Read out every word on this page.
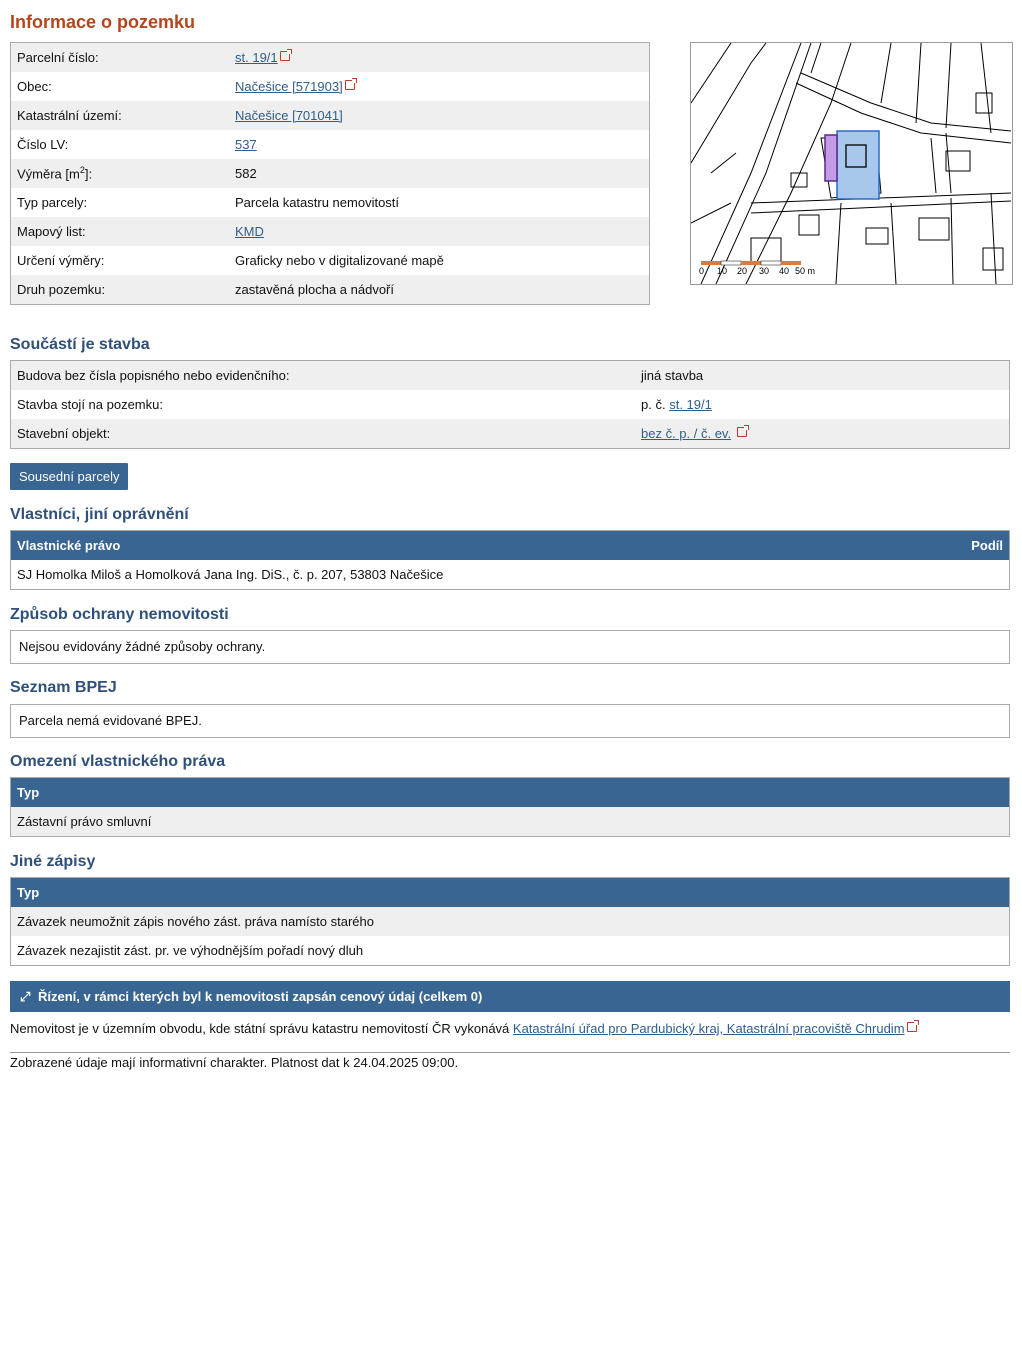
Informace o pozemku
Parcelní číslo:	st. 19/1
Obec:	Načešice [571903]
Katastrální území:	Načešice [701041]
Číslo LV:	537
Výměra $[m^2]$:	582
Typ parcely:	Parcela katastru nemovitostí
Mapový list:	KMD
Určení výměry:	Graficky nebo v digitalizované mapě
Druh pozemku:	zastavěná plocha a nádvoří
0 10 20 30 40 50 m
Součástí je stavba
Budova bez čísla popisného nebo evidenčního:	jiná stavba
Stavba stojí na pozemku:	p. č. st. 19/1
Stavební objekt:	bez č. p. / č. ev.
Sousední parcely
Vlastníci, jiní oprávnění
Vlastnické právo	Podíl
SJ Homolka Miloš a Homolková Jana Ing. DiS., č. p. 207, 53803 Načešice
Způsob ochrany nemovitosti
Nejsou evidovány žádné způsoby ochrany.
Seznam BPEJ
Parcela nemá evidované BPEJ.
Omezení vlastnického práva
Typ
Zástavní právo smluvní
Jiné zápisy
Typ
Závazek neumožnit zápis nového zást. práva namísto starého
Závazek nezajistit zást. pr. ve výhodnějším pořadí nový dluh
⤢ Řízení, v rámci kterých byl k nemovitosti zapsán cenový údaj (celkem 0)
Nemovitost je v územním obvodu, kde státní správu katastru nemovitostí ČR vykonává Katastrální úřad pro Pardubický kraj, Katastrální pracoviště Chrudim
Zobrazené údaje mají informativní charakter. Platnost dat k 24.04.2025 09:00.
